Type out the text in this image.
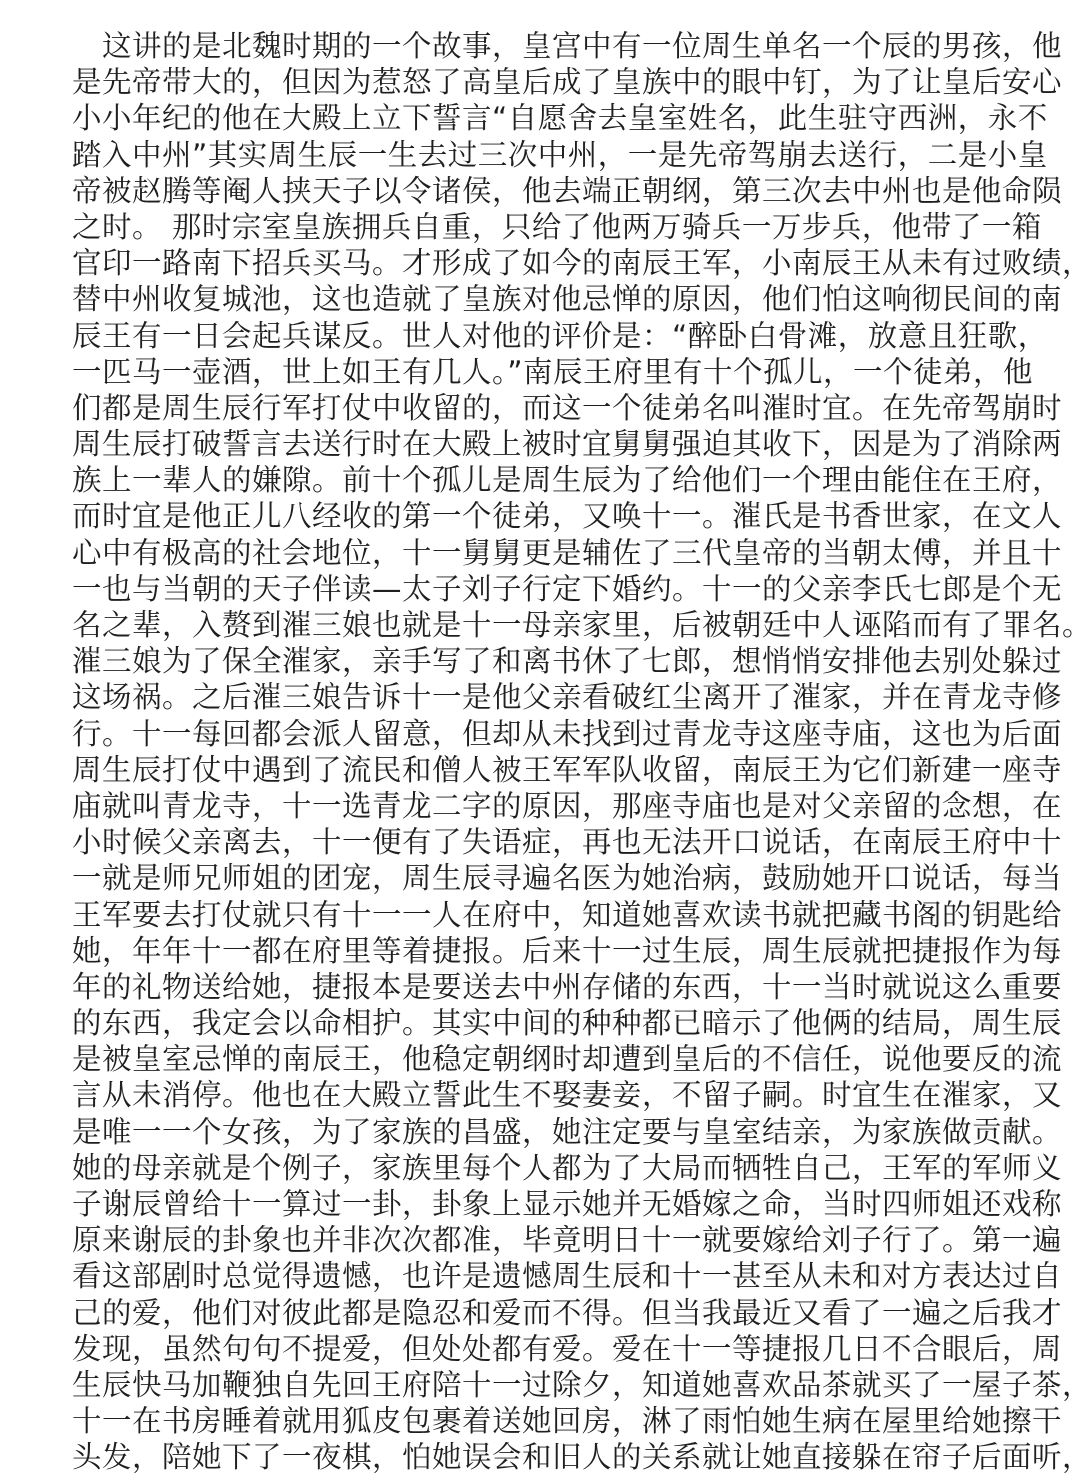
这讲的是北魏时期的一个故事，皇宫中有一位周生单名一个辰的男孩，他
是先帝带大的，但因为惹怒了高皇后成了皇族中的眼中钉，为了让皇后安心
小小年纪的他在大殿上立下誓言“自愿舍去皇室姓名，此生驻守西洲，永不
踏入中州”其实周生辰一生去过三次中州，一是先帝驾崩去送行，二是小皇
帝被赵腾等阉人挟天子以令诸侯，他去端正朝纲，第三次去中州也是他命陨
之时。 那时宗室皇族拥兵自重，只给了他两万骑兵一万步兵，他带了一箱
官印一路南下招兵买马。才形成了如今的南辰王军，小南辰王从未有过败绩，
替中州收复城池，这也造就了皇族对他忌惮的原因，他们怕这响彻民间的南
辰王有一日会起兵谋反。世人对他的评价是：“醉卧白骨滩，放意且狂歌，
一匹马一壶酒，世上如王有几人。”南辰王府里有十个孤儿，一个徒弟，他
们都是周生辰行军打仗中收留的，而这一个徒弟名叫漼时宜。在先帝驾崩时
周生辰打破誓言去送行时在大殿上被时宜舅舅强迫其收下，因是为了消除两
族上一辈人的嫌隙。前十个孤儿是周生辰为了给他们一个理由能住在王府，
而时宜是他正儿八经收的第一个徒弟，又唤十一。漼氏是书香世家，在文人
心中有极高的社会地位，十一舅舅更是辅佐了三代皇帝的当朝太傅，并且十
一也与当朝的天子伴读—太子刘子行定下婚约。十一的父亲李氏七郎是个无
名之辈，入赘到漼三娘也就是十一母亲家里，后被朝廷中人诬陷而有了罪名。
漼三娘为了保全漼家，亲手写了和离书休了七郎，想悄悄安排他去别处躲过
这场祸。之后漼三娘告诉十一是他父亲看破红尘离开了漼家，并在青龙寺修
行。十一每回都会派人留意，但却从未找到过青龙寺这座寺庙，这也为后面
周生辰打仗中遇到了流民和僧人被王军军队收留，南辰王为它们新建一座寺
庙就叫青龙寺，十一选青龙二字的原因，那座寺庙也是对父亲留的念想，在
小时候父亲离去，十一便有了失语症，再也无法开口说话，在南辰王府中十
一就是师兄师姐的团宠，周生辰寻遍名医为她治病，鼓励她开口说话，每当
王军要去打仗就只有十一一人在府中，知道她喜欢读书就把藏书阁的钥匙给
她，年年十一都在府里等着捷报。后来十一过生辰，周生辰就把捷报作为每
年的礼物送给她，捷报本是要送去中州存储的东西，十一当时就说这么重要
的东西，我定会以命相护。其实中间的种种都已暗示了他俩的结局，周生辰
是被皇室忌惮的南辰王，他稳定朝纲时却遭到皇后的不信任，说他要反的流
言从未消停。他也在大殿立誓此生不娶妻妾，不留子嗣。时宜生在漼家，又
是唯一一个女孩，为了家族的昌盛，她注定要与皇室结亲，为家族做贡献。
她的母亲就是个例子，家族里每个人都为了大局而牺牲自己，王军的军师义
子谢辰曾给十一算过一卦，卦象上显示她并无婚嫁之命，当时四师姐还戏称
原来谢辰的卦象也并非次次都准，毕竟明日十一就要嫁给刘子行了。第一遍
看这部剧时总觉得遗憾，也许是遗憾周生辰和十一甚至从未和对方表达过自
己的爱，他们对彼此都是隐忍和爱而不得。但当我最近又看了一遍之后我才
发现，虽然句句不提爱，但处处都有爱。爱在十一等捷报几日不合眼后，周
生辰快马加鞭独自先回王府陪十一过除夕，知道她喜欢品茶就买了一屋子茶，
十一在书房睡着就用狐皮包裹着送她回房，淋了雨怕她生病在屋里给她擦干
头发，陪她下了一夜棋，怕她误会和旧人的关系就让她直接躲在帘子后面听，
